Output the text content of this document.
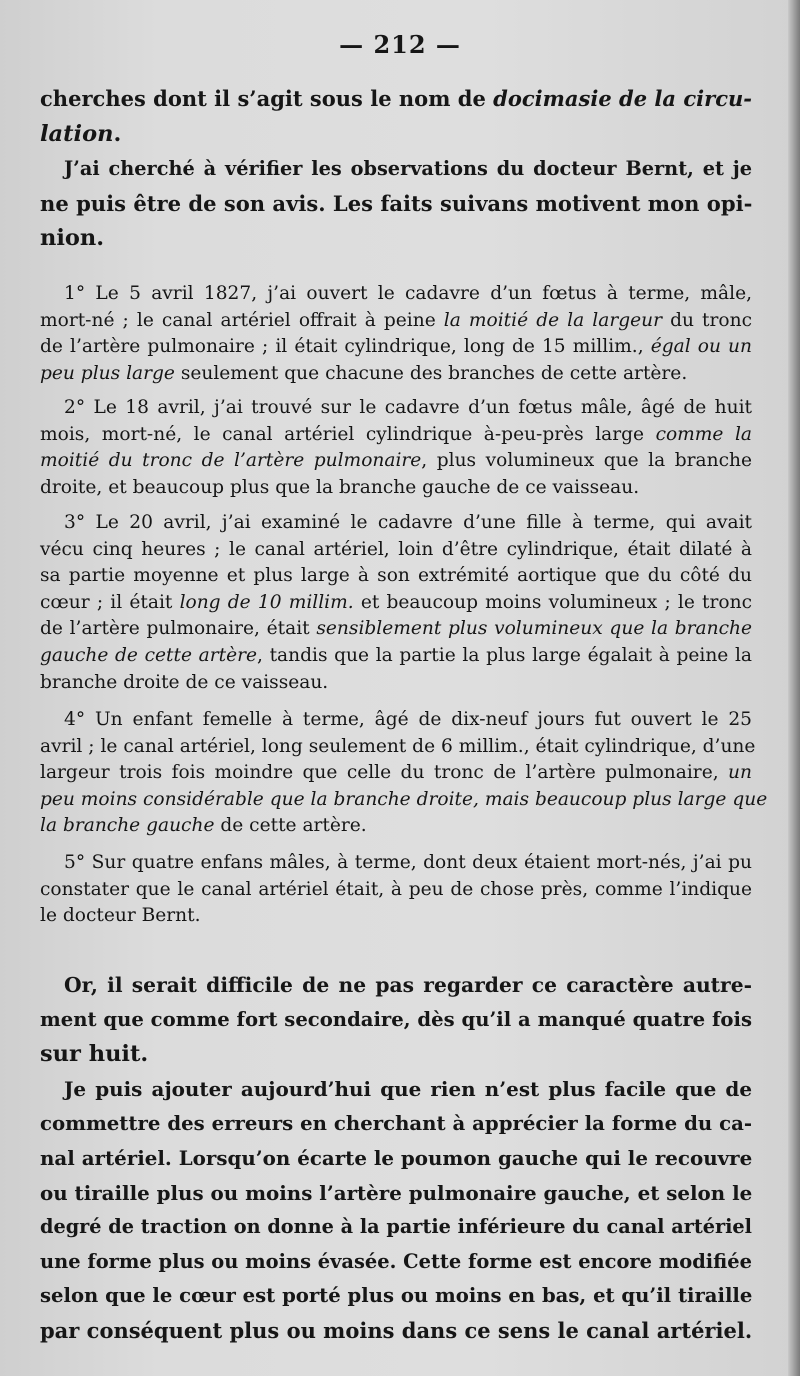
— 212 —
cherches dont il s’agit sous le nom de docimasie de la circu-
lation.
J’ai cherché à vérifier les observations du docteur Bernt, et je
ne puis être de son avis. Les faits suivans motivent mon opi-
nion.
1° Le 5 avril 1827, j’ai ouvert le cadavre d’un fœtus à terme, mâle,
mort-né ; le canal artériel offrait à peine la moitié de la largeur du tronc
de l’artère pulmonaire ; il était cylindrique, long de 15 millim., égal ou un
peu plus large seulement que chacune des branches de cette artère.
2° Le 18 avril, j’ai trouvé sur le cadavre d’un fœtus mâle, âgé de huit
mois, mort-né, le canal artériel cylindrique à-peu-près large comme la
moitié du tronc de l’artère pulmonaire, plus volumineux que la branche
droite, et beaucoup plus que la branche gauche de ce vaisseau.
3° Le 20 avril, j’ai examiné le cadavre d’une fille à terme, qui avait
vécu cinq heures ; le canal artériel, loin d’être cylindrique, était dilaté à
sa partie moyenne et plus large à son extrémité aortique que du côté du
cœur ; il était long de 10 millim. et beaucoup moins volumineux ; le tronc
de l’artère pulmonaire, était sensiblement plus volumineux que la branche
gauche de cette artère, tandis que la partie la plus large égalait à peine la
branche droite de ce vaisseau.
4° Un enfant femelle à terme, âgé de dix-neuf jours fut ouvert le 25
avril ; le canal artériel, long seulement de 6 millim., était cylindrique, d’une
largeur trois fois moindre que celle du tronc de l’artère pulmonaire, un
peu moins considérable que la branche droite, mais beaucoup plus large que
la branche gauche de cette artère.
5° Sur quatre enfans mâles, à terme, dont deux étaient mort-nés, j’ai pu
constater que le canal artériel était, à peu de chose près, comme l’indique
le docteur Bernt.
Or, il serait difficile de ne pas regarder ce caractère autre-
ment que comme fort secondaire, dès qu’il a manqué quatre fois
sur huit.
Je puis ajouter aujourd’hui que rien n’est plus facile que de
commettre des erreurs en cherchant à apprécier la forme du ca-
nal artériel. Lorsqu’on écarte le poumon gauche qui le recouvre
ou tiraille plus ou moins l’artère pulmonaire gauche, et selon le
degré de traction on donne à la partie inférieure du canal artériel
une forme plus ou moins évasée. Cette forme est encore modifiée
selon que le cœur est porté plus ou moins en bas, et qu’il tiraille
par conséquent plus ou moins dans ce sens le canal artériel.
